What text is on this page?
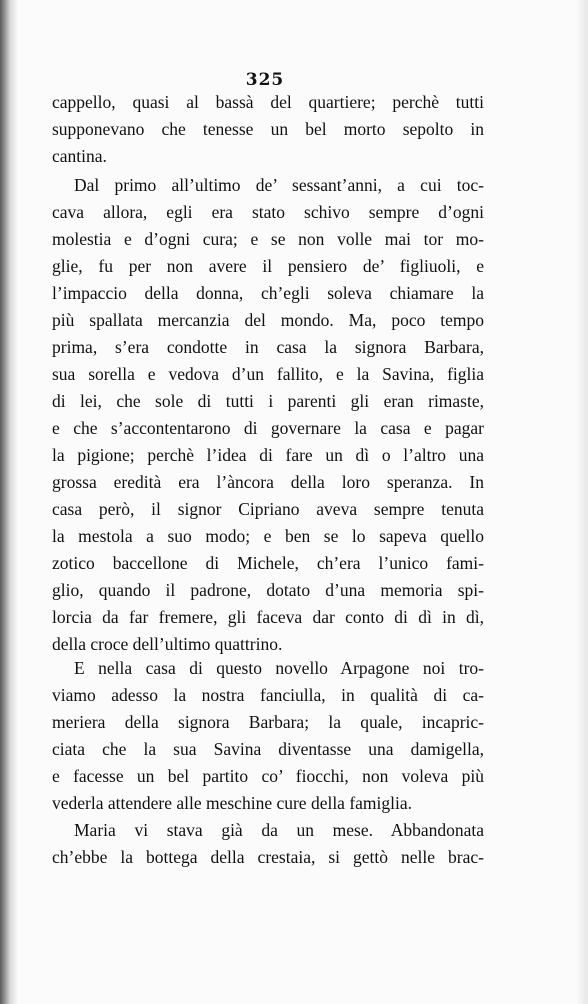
325
cappello, quasi al bassà del quartiere; perchè tutti
supponevano che tenesse un bel morto sepolto in
cantina.
Dal primo all’ultimo de’ sessant’anni, a cui toc-
cava allora, egli era stato schivo sempre d’ogni
molestia e d’ogni cura; e se non volle mai tor mo-
glie, fu per non avere il pensiero de’ figliuoli, e
l’impaccio della donna, ch’egli soleva chiamare la
più spallata mercanzia del mondo. Ma, poco tempo
prima, s’era condotte in casa la signora Barbara,
sua sorella e vedova d’un fallito, e la Savina, figlia
di lei, che sole di tutti i parenti gli eran rimaste,
e che s’accontentarono di governare la casa e pagar
la pigione; perchè l’idea di fare un dì o l’altro una
grossa eredità era l’àncora della loro speranza. In
casa però, il signor Cipriano aveva sempre tenuta
la mestola a suo modo; e ben se lo sapeva quello
zotico baccellone di Michele, ch’era l’unico fami-
glio, quando il padrone, dotato d’una memoria spi-
lorcia da far fremere, gli faceva dar conto di dì in dì,
della croce dell’ultimo quattrino.
E nella casa di questo novello Arpagone noi tro-
viamo adesso la nostra fanciulla, in qualità di ca-
meriera della signora Barbara; la quale, incapric-
ciata che la sua Savina diventasse una damigella,
e facesse un bel partito co’ fiocchi, non voleva più
vederla attendere alle meschine cure della famiglia.
Maria vi stava già da un mese. Abbandonata
ch’ebbe la bottega della crestaia, si gettò nelle brac-
